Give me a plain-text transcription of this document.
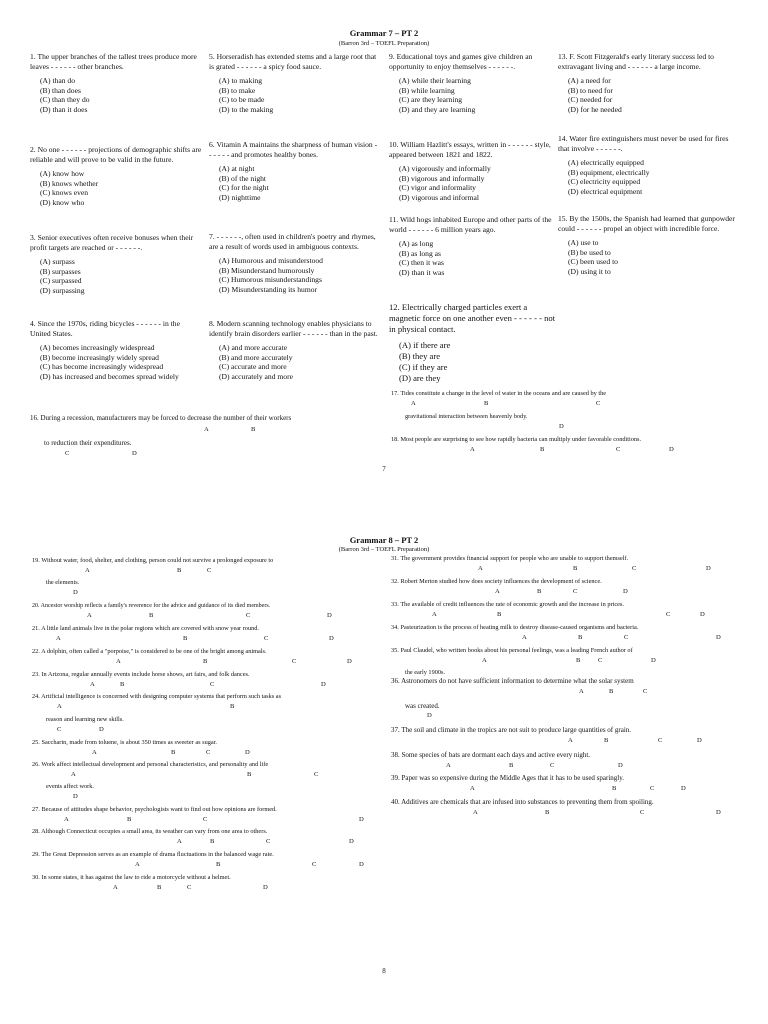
Grammar 7 – PT 2
(Barron 3rd – TOEFL Preparation)
1. The upper branches of the tallest trees produce more leaves - - - - - - other branches.
(A) than do
(B) than does
(C) than they do
(D) than it does
2. No one - - - - - - projections of demographic shifts are reliable and will prove to be valid in the future.
(A) know how
(B) knows whether
(C) knows even
(D) know who
3. Senior executives often receive bonuses when their profit targets are reached or - - - - - -.
(A) surpass
(B) surpasses
(C) surpassed
(D) surpassing
4. Since the 1970s, riding bicycles - - - - - - in the United States.
(A) becomes increasingly widespread
(B) become increasingly widely spread
(C) has become increasingly widespread
(D) has increased and becomes spread widely
5. Horseradish has extended stems and a large root that is grated - - - - - - a spicy food sauce.
(A) to making
(B) to make
(C) to be made
(D) to the making
6. Vitamin A maintains the sharpness of human vision - - - - - - and promotes healthy bones.
(A) at night
(B) of the night
(C) for the night
(D) nighttime
7. - - - - - -, often used in children's poetry and rhymes, are a result of words used in ambiguous contexts.
(A) Humorous and misunderstood
(B) Misunderstand humorously
(C) Humorous misunderstandings
(D) Misunderstanding its humor
8. Modern scanning technology enables physicians to identify brain disorders earlier - - - - - - than in the past.
(A) and more accurate
(B) and more accurately
(C) accurate and more
(D) accurately and more
9. Educational toys and games give children an opportunity to enjoy themselves - - - - - -.
(A) while their learning
(B) while learning
(C) are they learning
(D) and they are learning
10. William Hazlitt's essays, written in - - - - - - style, appeared between 1821 and 1822.
(A) vigorously and informally
(B) vigorous and informally
(C) vigor and informality
(D) vigorous and informal
11. Wild hogs inhabited Europe and other parts of the world - - - - - - 6 million years ago.
(A) as long
(B) as long as
(C) then it was
(D) than it was
12. Electrically charged particles exert a magnetic force on one another even - - - - - - not in physical contact.
(A) if there are
(B) they are
(C) if they are
(D) are they
13. F. Scott Fitzgerald's early literary success led to extravagant living and - - - - - - a large income.
(A) a need for
(B) to need for
(C) needed for
(D) for he needed
14. Water fire extinguishers must never be used for fires that involve - - - - - -.
(A) electrically equipped
(B) equipment, electrically
(C) electricity equipped
(D) electrical equipment
15. By the 1500s, the Spanish had learned that gunpowder could - - - - - - propel an object with incredible force.
(A) use to
(B) be used to
(C) been used to
(D) using it to
16. During a recession, manufacturers may be forced to decrease the number of their workers
A	B
to reduction their expenditures.
C	D
17. Tides constitute a change in the level of water in the oceans and are caused by the
A	B	C
gravitational interaction between heavenly body.
D
18. Most people are surprising to see how rapidly bacteria can multiply under favorable conditions.
A	B	C	D
7
Grammar 8 – PT 2
(Barron 3rd – TOEFL Preparation)
19. Without water, food, shelter, and clothing, person could not survive a prolonged exposure to
A	B	C
the elements.
D
20. Ancestor worship reflects a family's reverence for the advice and guidance of its died members.
A	B	C	D
21. A little land animals live in the polar regions which are covered with snow year round.
A	B	C	D
22. A dolphin, often called a "porpoise," is considered to be one of the bright among animals.
A	B	C	D
23. In Arizona, regular annually events include horse shows, art fairs, and folk dances.
A	B	C	D
24. Artificial intelligence is concerned with designing computer systems that perform such tasks as
A	B
reason and learning new skills.
C	D
25. Saccharin, made from toluene, is about 350 times as sweeter as sugar.
A	B	C	D
26. Work affect intellectual development and personal characteristics, and personality and life
A	B	C
events affect work.
D
27. Because of attitudes shape behavior, psychologists want to find out how opinions are formed.
A	B	C	D
28. Although Connecticut occupies a small area, its weather can vary from one area to others.
A	B	C	D
29. The Great Depression serves as an example of drama fluctuations in the balanced wage rate.
A	B	C	D
30. In some states, it has against the law to ride a motorcycle without a helmet.
A	B	C	D
31. The government provides financial support for people who are unable to support themself.
A	B	C	D
32. Robert Merton studied how does society influences the development of science.
A	B	C	D
33. The available of credit influences the rate of economic growth and the increase in prices.
A	B	C	D
34. Pasteurization is the process of heating milk to destroy disease-caused organisms and bacteria.
A	B	C	D
35. Paul Claudel, who written books about his personal feelings, was a leading French author of
A	B	C	D
the early 1900s.
36. Astronomers do not have sufficient information to determine what the solar system
A	B	C
was created.
D
37. The soil and climate in the tropics are not suit to produce large quantities of grain.
A	B	C	D
38. Some species of bats are dormant each days and active every night.
A	B	C	D
39. Paper was so expensive during the Middle Ages that it has to be used sparingly.
A	B	C	D
40. Additives are chemicals that are infused into substances to preventing them from spoiling.
A	B	C	D
8
